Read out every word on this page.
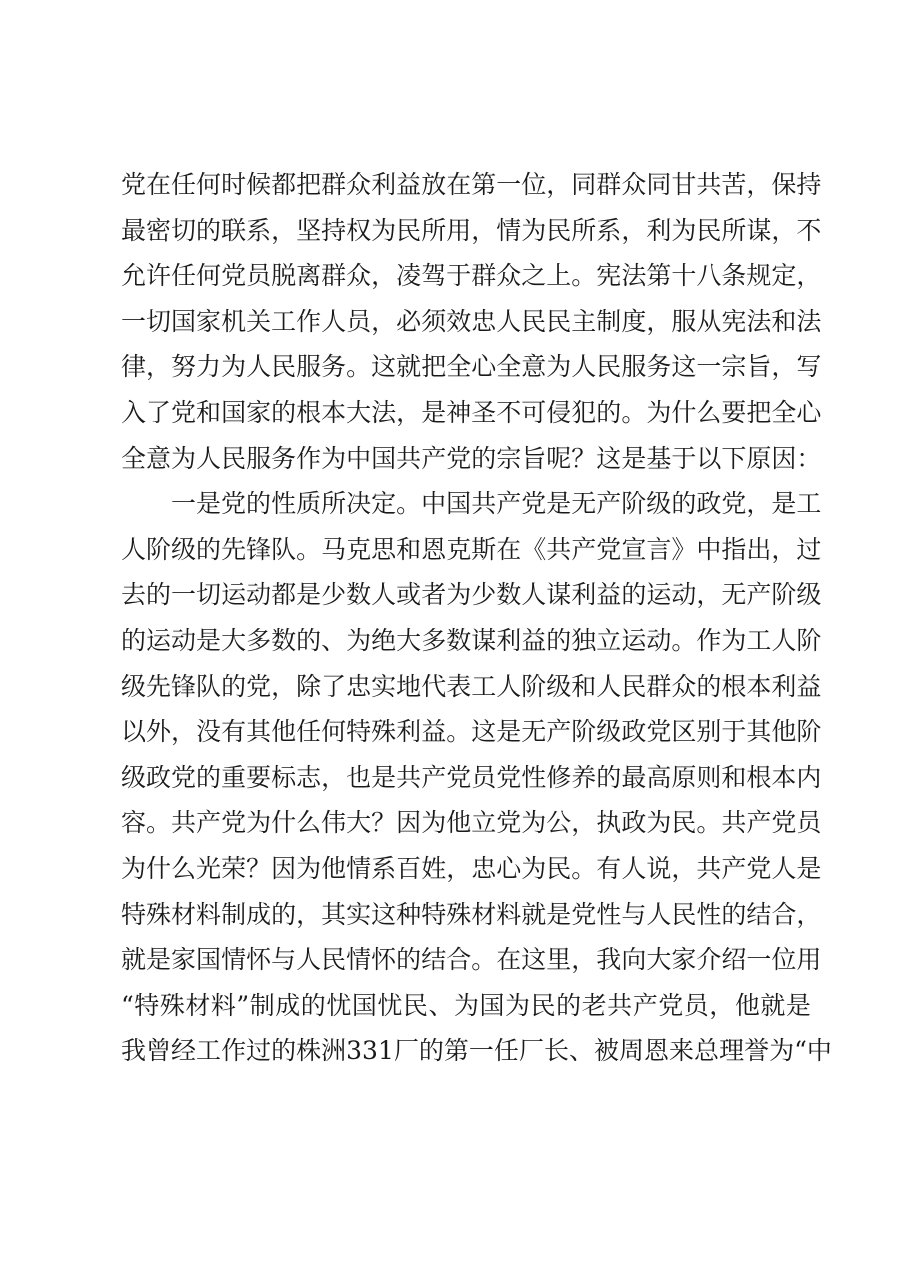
党 在 任 何 时 候 都 把 群 众 利 益 放 在 第 一 位 ， 同 群 众 同 甘 共 苦 ， 保 持
最 密 切 的 联 系 ， 坚 持 权 为 民 所 用 ， 情 为 民 所 系 ， 利 为 民 所 谋 ， 不
允 许 任 何 党 员 脱 离 群 众 ， 凌 驾 于 群 众 之 上 。 宪 法 第 十 八 条 规 定 ，
一 切 国 家 机 关 工 作 人 员 ， 必 须 效 忠 人 民 民 主 制 度 ， 服 从 宪 法 和 法
律 ， 努 力 为 人 民 服 务 。 这 就 把 全 心 全 意 为 人 民 服 务 这 一 宗 旨 ， 写
入 了 党 和 国 家 的 根 本 大 法 ， 是 神 圣 不 可 侵 犯 的 。 为 什 么 要 把 全 心
全 意 为 人 民 服 务 作 为 中 国 共 产 党 的 宗 旨 呢 ？ 这 是 基 于 以 下 原 因 ：
一 是 党 的 性 质 所 决 定 。 中 国 共 产 党 是 无 产 阶 级 的 政 党 ， 是 工
人 阶 级 的 先 锋 队 。 马 克 思 和 恩 克 斯 在 《 共 产 党 宣 言 》 中 指 出 ， 过
去 的 一 切 运 动 都 是 少 数 人 或 者 为 少 数 人 谋 利 益 的 运 动 ， 无 产 阶 级
的 运 动 是 大 多 数 的 、 为 绝 大 多 数 谋 利 益 的 独 立 运 动 。 作 为 工 人 阶
级 先 锋 队 的 党 ， 除 了 忠 实 地 代 表 工 人 阶 级 和 人 民 群 众 的 根 本 利 益
以 外 ， 没 有 其 他 任 何 特 殊 利 益 。 这 是 无 产 阶 级 政 党 区 别 于 其 他 阶
级 政 党 的 重 要 标 志 ， 也 是 共 产 党 员 党 性 修 养 的 最 高 原 则 和 根 本 内
容 。 共 产 党 为 什 么 伟 大 ？ 因 为 他 立 党 为 公 ， 执 政 为 民 。 共 产 党 员
为 什 么 光 荣 ？ 因 为 他 情 系 百 姓 ， 忠 心 为 民 。 有 人 说 ， 共 产 党 人 是
特 殊 材 料 制 成 的 ， 其 实 这 种 特 殊 材 料 就 是 党 性 与 人 民 性 的 结 合 ，
就 是 家 国 情 怀 与 人 民 情 怀 的 结 合 。 在 这 里 ， 我 向 大 家 介 绍 一 位 用
“ 特 殊 材 料 ” 制 成 的 忧 国 忧 民 、 为 国 为 民 的 老 共 产 党 员 ， 他 就 是
我 曾 经 工 作 过 的 株 洲 3 3 1 厂 的 第 一 任 厂 长 、 被 周 恩 来 总 理 誉 为 “ 中
